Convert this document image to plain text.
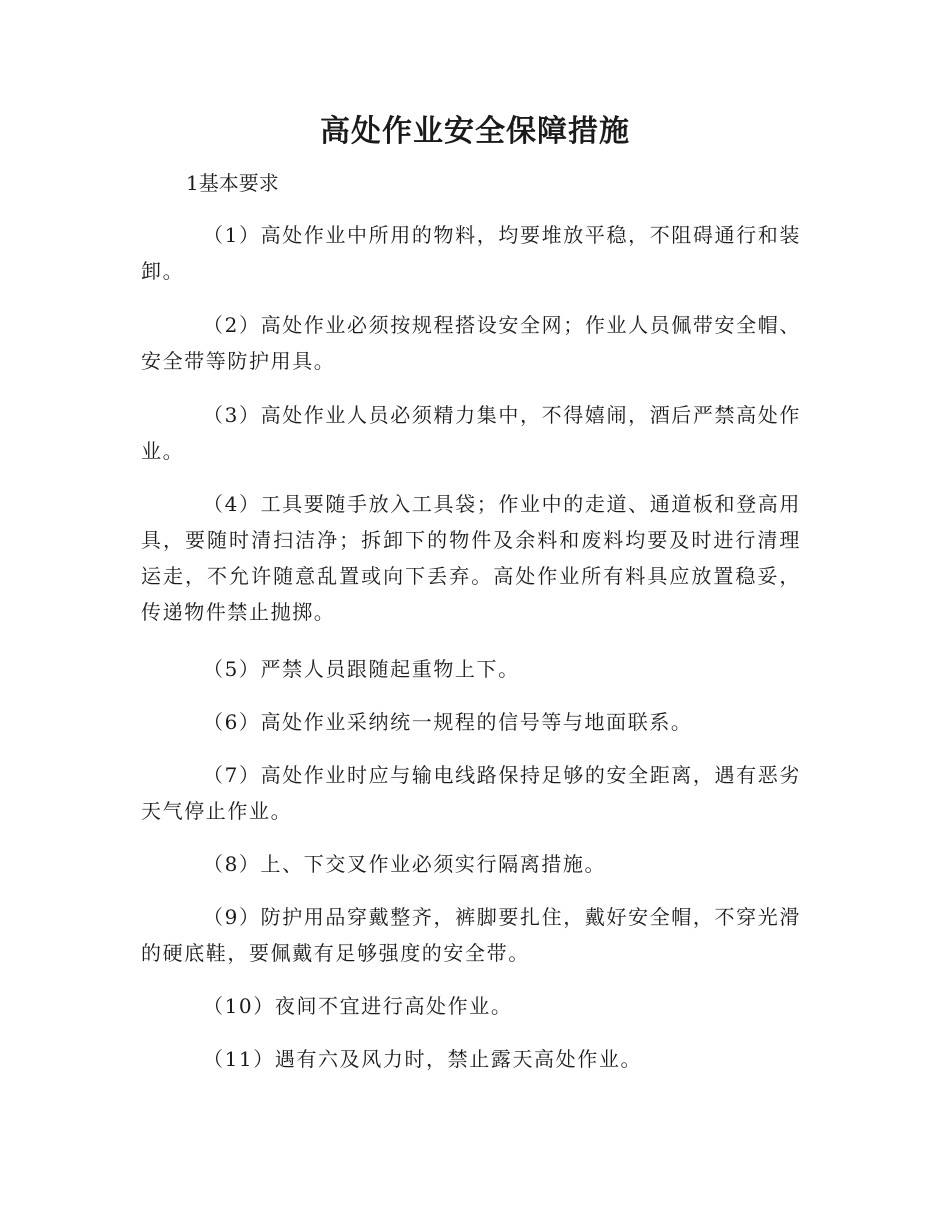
高处作业安全保障措施

1基本要求

（1）高处作业中所用的物料，均要堆放平稳，不阻碍通行和装卸。

（2）高处作业必须按规程搭设安全网；作业人员佩带安全帽、安全带等防护用具。

（3）高处作业人员必须精力集中，不得嬉闹，酒后严禁高处作业。

（4）工具要随手放入工具袋；作业中的走道、通道板和登高用具，要随时清扫洁净；拆卸下的物件及余料和废料均要及时进行清理运走，不允许随意乱置或向下丢弃。高处作业所有料具应放置稳妥，传递物件禁止抛掷。

（5）严禁人员跟随起重物上下。

（6）高处作业采纳统一规程的信号等与地面联系。

（7）高处作业时应与输电线路保持足够的安全距离，遇有恶劣天气停止作业。

（8）上、下交叉作业必须实行隔离措施。

（9）防护用品穿戴整齐，裤脚要扎住，戴好安全帽，不穿光滑的硬底鞋，要佩戴有足够强度的安全带。

（10）夜间不宜进行高处作业。

（11）遇有六及风力时，禁止露天高处作业。
